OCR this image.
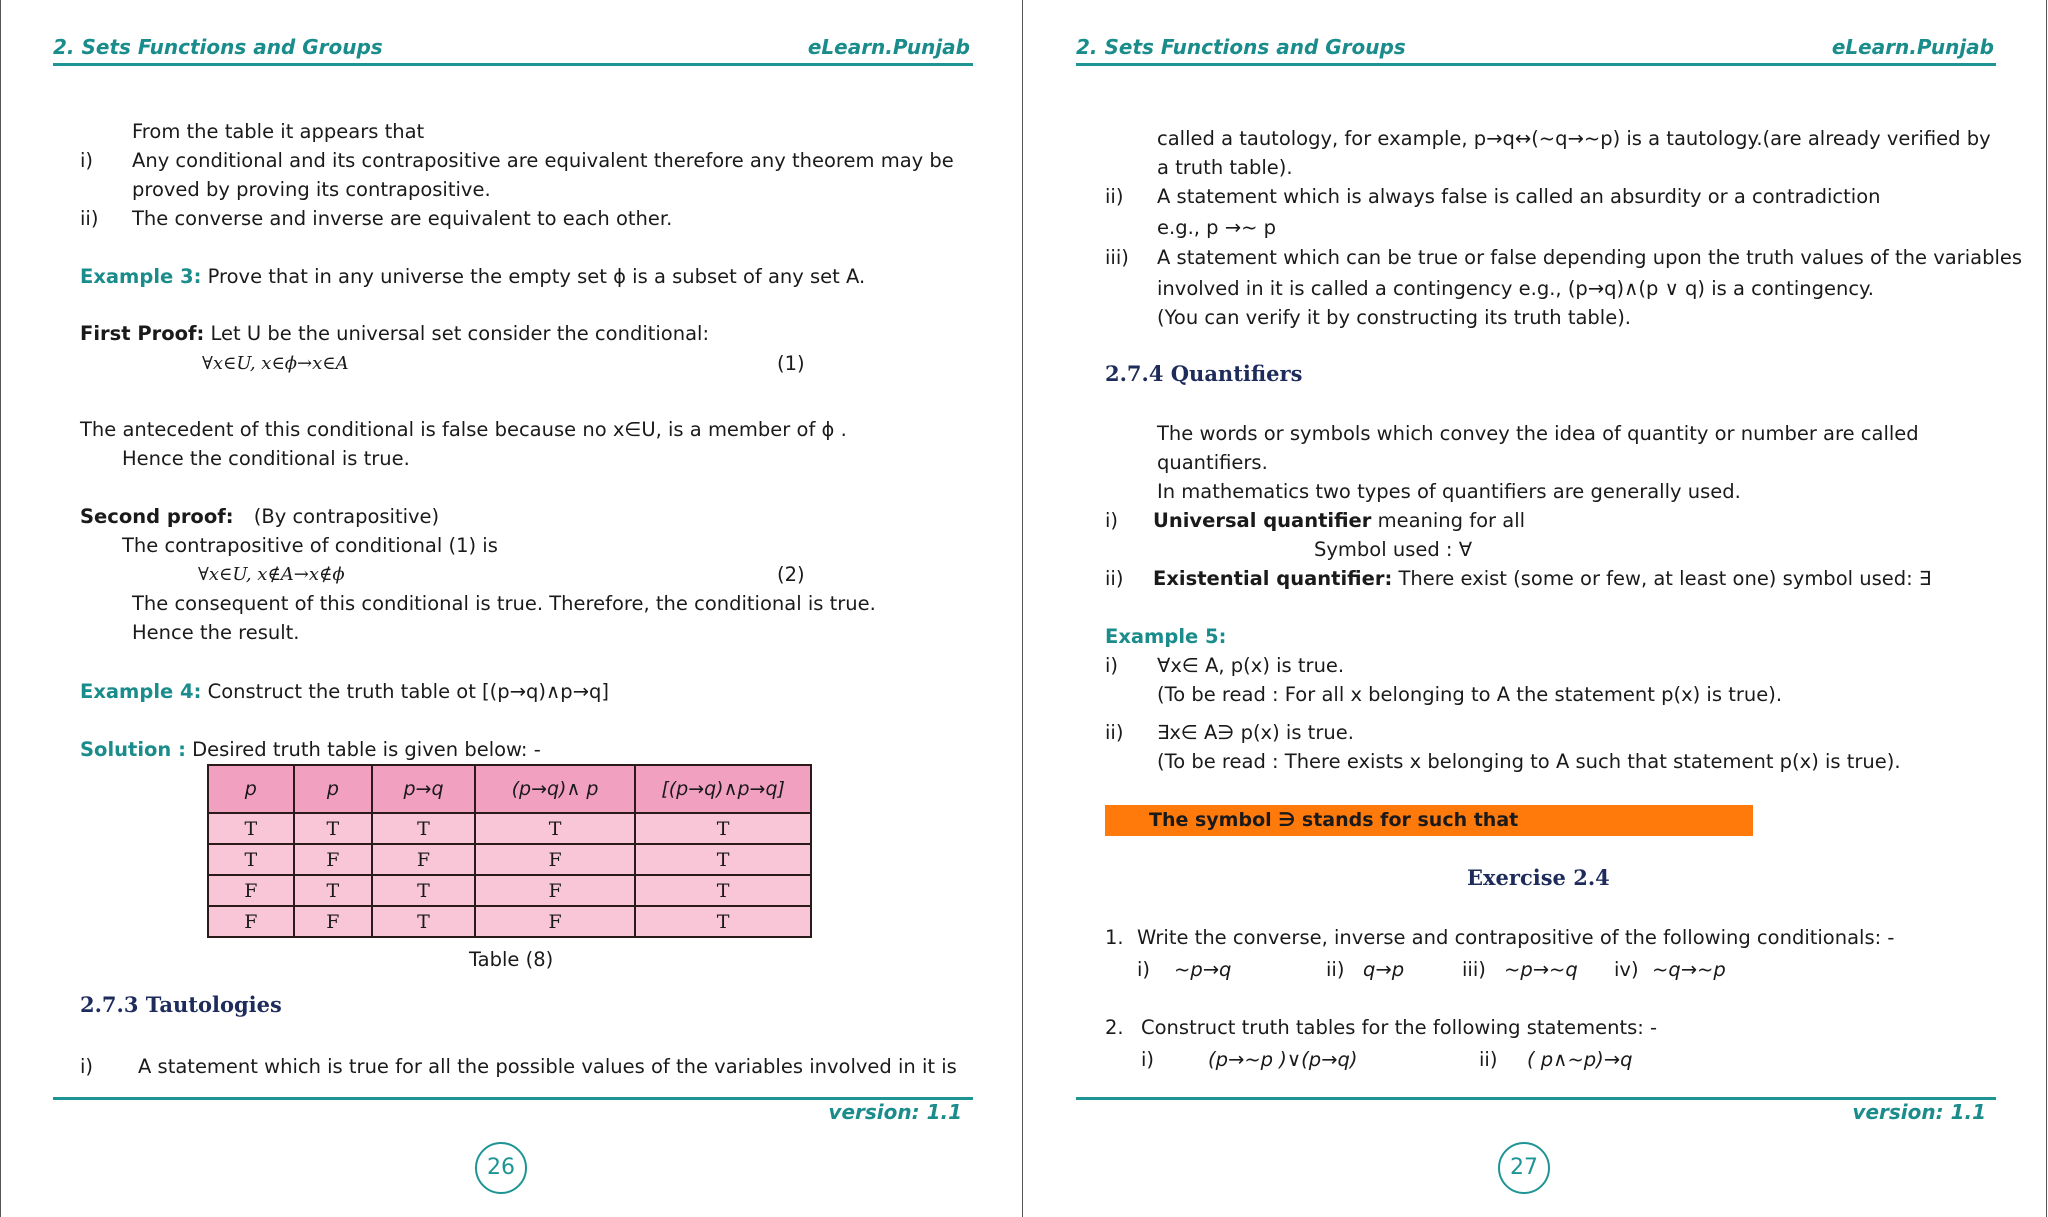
2. Sets Functions and Groups	eLearn.Punjab
From the table it appears that
i) Any conditional and its contrapositive are equivalent therefore any theorem may be
proved by proving its contrapositive.
ii) The converse and inverse are equivalent to each other.
Example 3: Prove that in any universe the empty set ɸ is a subset of any set A.
First Proof: Let U be the universal set consider the conditional:
∀x∈U, x∈ϕ→x∈A	(1)
The antecedent of this conditional is false because no x∈U, is a member of ɸ .
Hence the conditional is true.
Second proof: (By contrapositive)
The contrapositive of conditional (1) is
∀x∈U, x∉A→x∉ϕ	(2)
The consequent of this conditional is true. Therefore, the conditional is true.
Hence the result.
Example 4: Construct the truth table ot [(p→q)∧p→q]
Solution : Desired truth table is given below: -
p	p	p→q	(p→q)∧ p	[(p→q)∧p→q]
T	T	T	T	T
T	F	F	F	T
F	T	T	F	T
F	F	T	F	T
Table (8)
2.7.3 Tautologies
i) A statement which is true for all the possible values of the variables involved in it is
version: 1.1
26
2. Sets Functions and Groups	eLearn.Punjab
called a tautology, for example, p→q↔(~q→~p) is a tautology.(are already verified by
a truth table).
ii) A statement which is always false is called an absurdity or a contradiction
e.g., p →~ p
iii) A statement which can be true or false depending upon the truth values of the variables
involved in it is called a contingency e.g., (p→q)∧(p ∨ q) is a contingency.
(You can verify it by constructing its truth table).
2.7.4 Quantifiers
The words or symbols which convey the idea of quantity or number are called
quantifiers.
In mathematics two types of quantifiers are generally used.
i) Universal quantifier meaning for all
Symbol used : ∀
ii) Existential quantifier: There exist (some or few, at least one) symbol used: ∃
Example 5:
i) ∀x∈ A, p(x) is true.
(To be read : For all x belonging to A the statement p(x) is true).
ii) ∃x∈ A∋ p(x) is true.
(To be read : There exists x belonging to A such that statement p(x) is true).
The symbol ∋ stands for such that
Exercise 2.4
1. Write the converse, inverse and contrapositive of the following conditionals: -
i) ~p→q	ii) q→p	iii) ~p→~q iv) ~q→~p
2. Construct truth tables for the following statements: -
i)	(p→~p )∨(p→q)	ii) ( p∧~p)→q
version: 1.1
27
